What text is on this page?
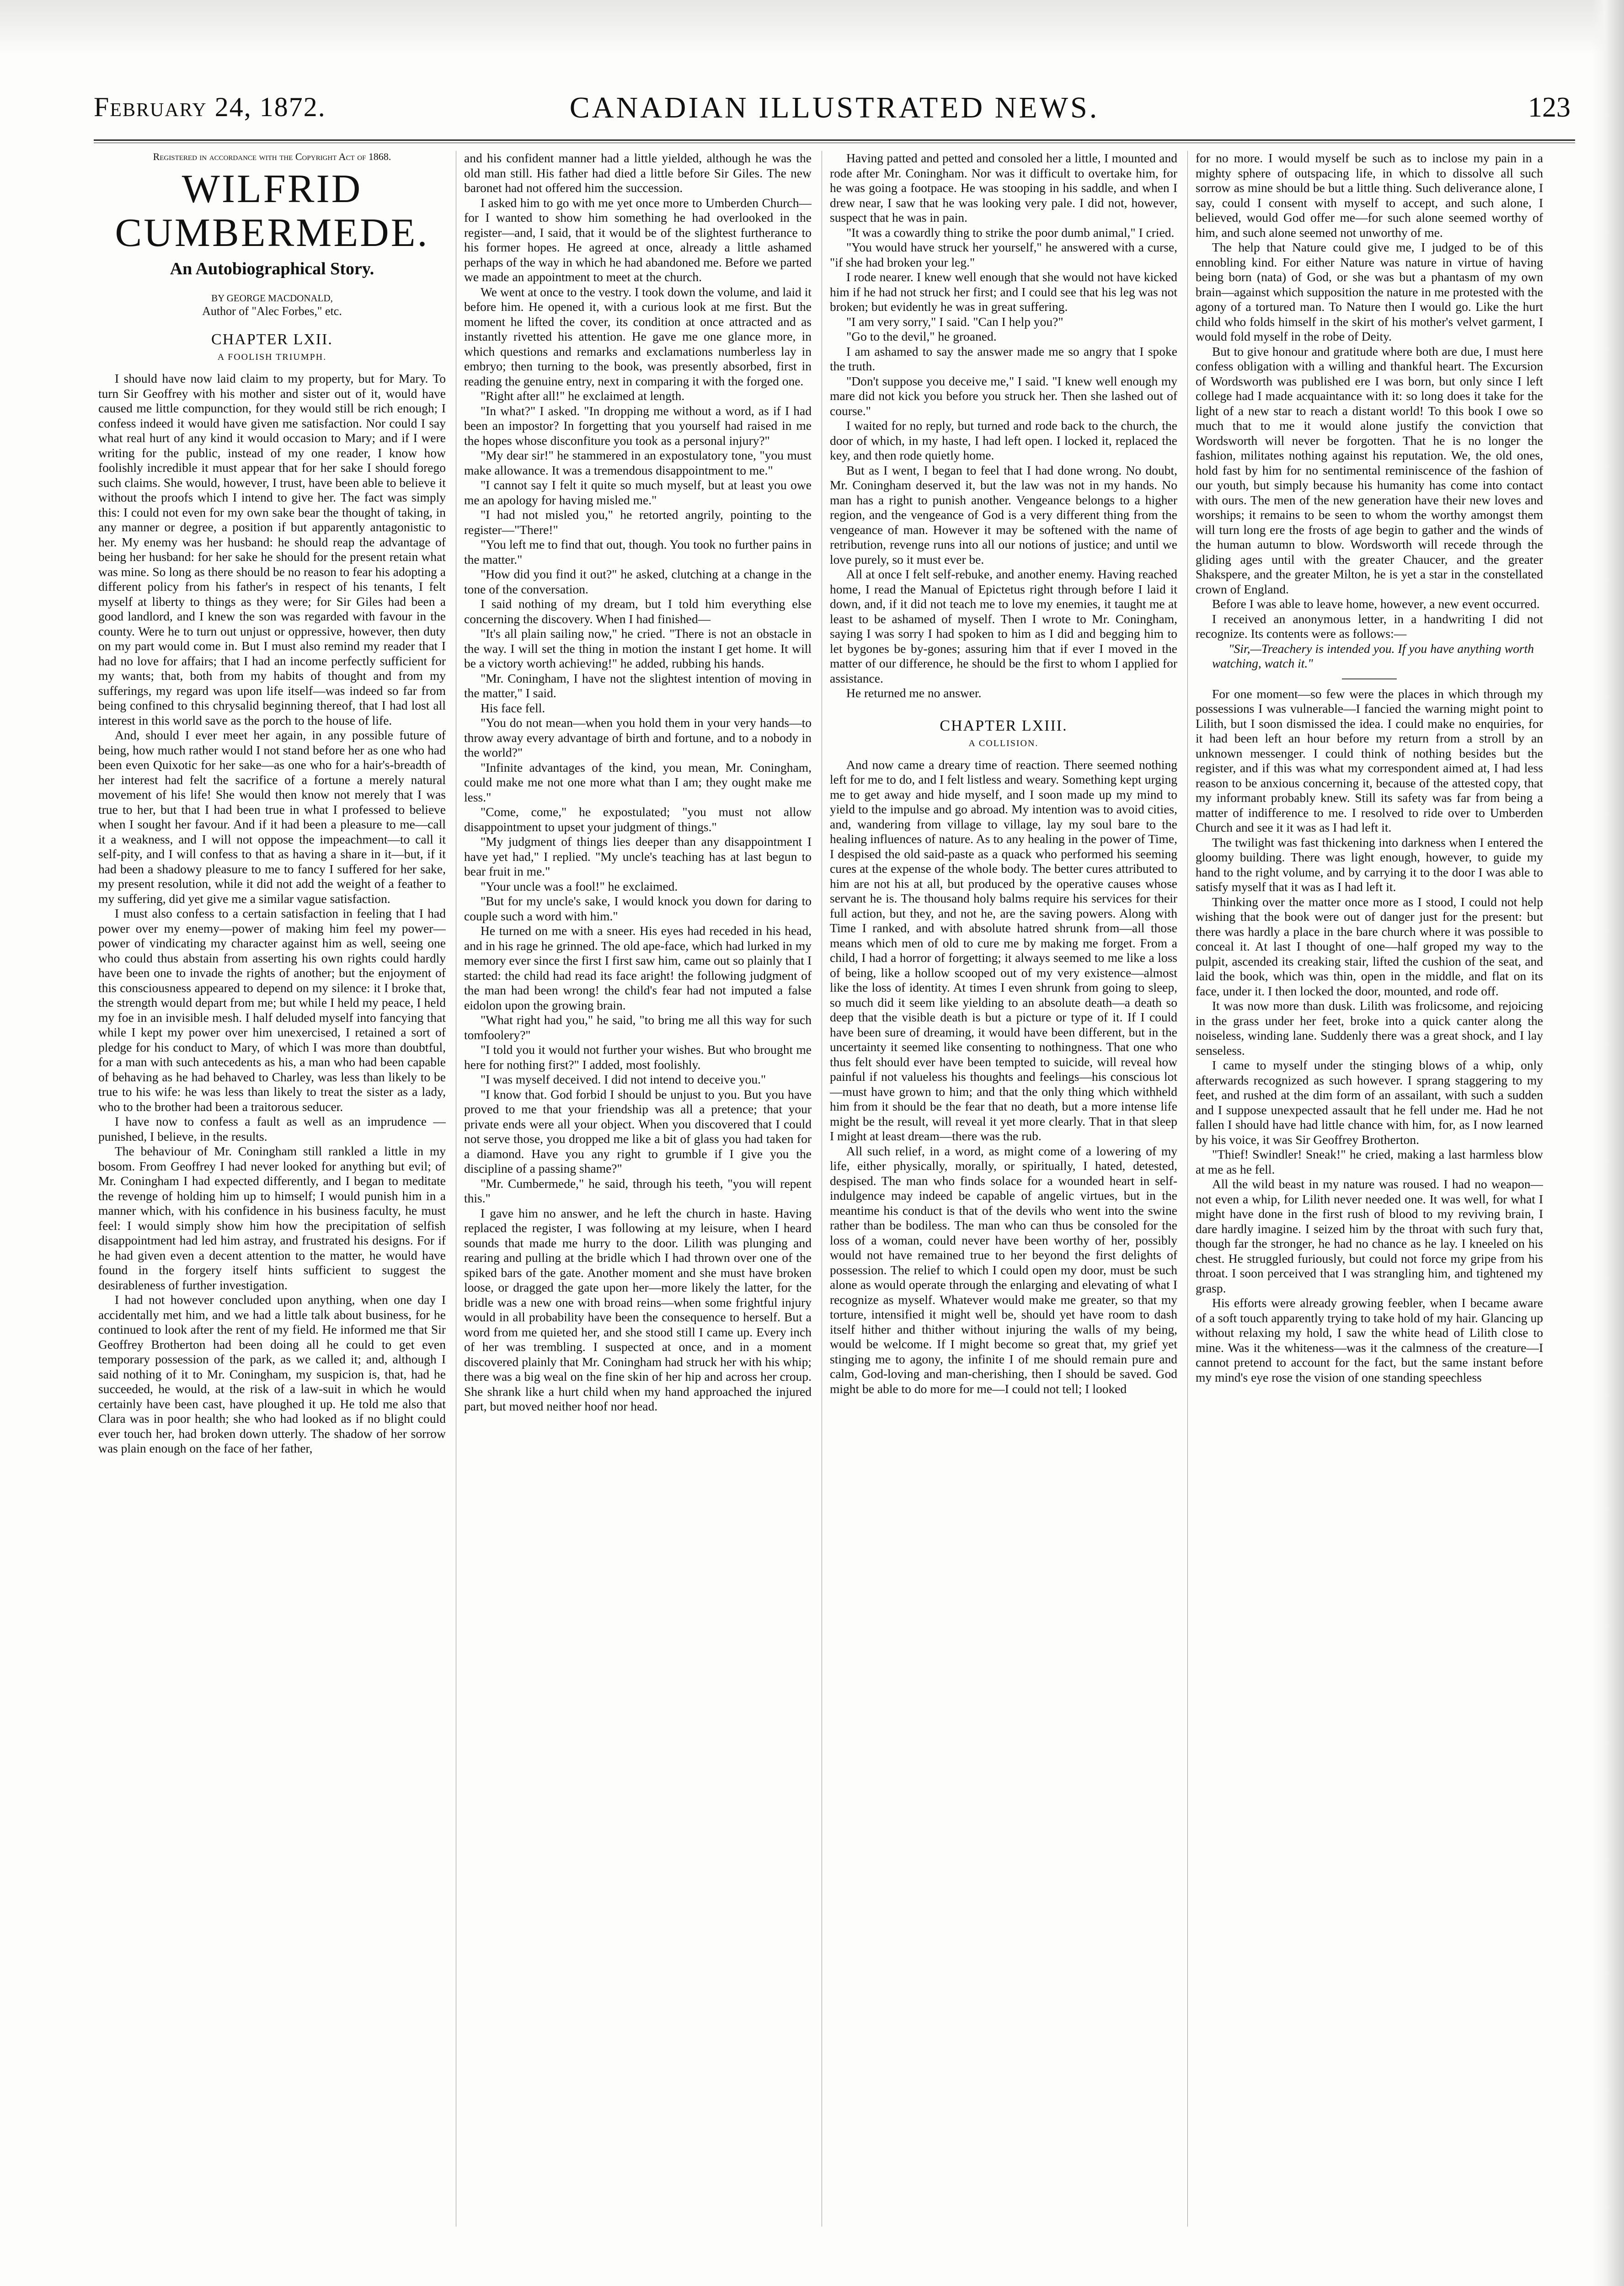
February 24, 1872.	CANADIAN ILLUSTRATED NEWS.	123
Registered in accordance with the Copyright Act of 1868.
WILFRID CUMBERMEDE.
An Autobiographical Story.
BY GEORGE MACDONALD,
Author of "Alec Forbes," etc.
CHAPTER LXII.
A FOOLISH TRIUMPH.

I should have now laid claim to my property, but for Mary. To turn Sir Geoffrey with his mother and sister out of it, would have caused me little compunction, for they would still be rich enough; I confess indeed it would have given me satisfaction. Nor could I say what real hurt of any kind it would occasion to Mary; and if I were writing for the public, instead of my one reader, I know how foolishly incredible it must appear that for her sake I should forego such claims. She would, however, I trust, have been able to believe it without the proofs which I intend to give her. The fact was simply this: I could not even for my own sake bear the thought of taking, in any manner or degree, a position if but apparently antagonistic to her. My enemy was her husband: he should reap the advantage of being her husband: for her sake he should for the present retain what was mine. So long as there should be no reason to fear his adopting a different policy from his father's in respect of his tenants, I felt myself at liberty to things as they were; for Sir Giles had been a good landlord, and I knew the son was regarded with favour in the county. Were he to turn out unjust or oppressive, however, then duty on my part would come in. But I must also remind my reader that I had no love for affairs; that I had an income perfectly sufficient for my wants; that, both from my habits of thought and from my sufferings, my regard was upon life itself—was indeed so far from being confined to this chrysalid beginning thereof, that I had lost all interest in this world save as the porch to the house of life.

And, should I ever meet her again, in any possible future of being, how much rather would I not stand before her as one who had been even Quixotic for her sake—as one who for a hair's-breadth of her interest had felt the sacrifice of a fortune a merely natural movement of his life! She would then know not merely that I was true to her, but that I had been true in what I professed to believe when I sought her favour. And if it had been a pleasure to me—call it a weakness, and I will not oppose the impeachment—to call it self-pity, and I will confess to that as having a share in it—but, if it had been a shadowy pleasure to me to fancy I suffered for her sake, my present resolution, while it did not add the weight of a feather to my suffering, did yet give me a similar vague satisfaction.

I must also confess to a certain satisfaction in feeling that I had power over my enemy—power of making him feel my power—power of vindicating my character against him as well, seeing one who could thus abstain from asserting his own rights could hardly have been one to invade the rights of another; but the enjoyment of this consciousness appeared to depend on my silence: it I broke that, the strength would depart from me; but while I held my peace, I held my foe in an invisible mesh. I half deluded myself into fancying that while I kept my power over him unexercised, I retained a sort of pledge for his conduct to Mary, of which I was more than doubtful, for a man with such antecedents as his, a man who had been capable of behaving as he had behaved to Charley, was less than likely to be true to his wife: he was less than likely to treat the sister as a lady, who to the brother had been a traitorous seducer.

I have now to confess a fault as well as an imprudence — punished, I believe, in the results.

The behaviour of Mr. Coningham still rankled a little in my bosom. From Geoffrey I had never looked for anything but evil; of Mr. Coningham I had expected differently, and I began to meditate the revenge of holding him up to himself; I would punish him in a manner which, with his confidence in his business faculty, he must feel: I would simply show him how the precipitation of selfish disappointment had led him astray, and frustrated his designs. For if he had given even a decent attention to the matter, he would have found in the forgery itself hints sufficient to suggest the desirableness of further investigation.

I had not however concluded upon anything, when one day I accidentally met him, and we had a little talk about business, for he continued to look after the rent of my field. He informed me that Sir Geoffrey Brotherton had been doing all he could to get even temporary possession of the park, as we called it; and, although I said nothing of it to Mr. Coningham, my suspicion is, that, had he succeeded, he would, at the risk of a law-suit in which he would certainly have been cast, have ploughed it up. He told me also that Clara was in poor health; she who had looked as if no blight could ever touch her, had broken down utterly. The shadow of her sorrow was plain enough on the face of her father,

and his confident manner had a little yielded, although he was the old man still. His father had died a little before Sir Giles. The new baronet had not offered him the succession.

I asked him to go with me yet once more to Umberden Church—for I wanted to show him something he had overlooked in the register—and, I said, that it would be of the slightest furtherance to his former hopes. He agreed at once, already a little ashamed perhaps of the way in which he had abandoned me. Before we parted we made an appointment to meet at the church.

We went at once to the vestry. I took down the volume, and laid it before him. He opened it, with a curious look at me first. But the moment he lifted the cover, its condition at once attracted and as instantly rivetted his attention. He gave me one glance more, in which questions and remarks and exclamations numberless lay in embryo; then turning to the book, was presently absorbed, first in reading the genuine entry, next in comparing it with the forged one.

"Right after all!" he exclaimed at length.

"In what?" I asked. "In dropping me without a word, as if I had been an impostor? In forgetting that you yourself had raised in me the hopes whose disconfiture you took as a personal injury?"

"My dear sir!" he stammered in an expostulatory tone, "you must make allowance. It was a tremendous disappointment to me."

"I cannot say I felt it quite so much myself, but at least you owe me an apology for having misled me."

"I had not misled you," he retorted angrily, pointing to the register—"There!"

"You left me to find that out, though. You took no further pains in the matter."

"How did you find it out?" he asked, clutching at a change in the tone of the conversation.

I said nothing of my dream, but I told him everything else concerning the discovery. When I had finished—

"It's all plain sailing now," he cried. "There is not an obstacle in the way. I will set the thing in motion the instant I get home. It will be a victory worth achieving!" he added, rubbing his hands.

"Mr. Coningham, I have not the slightest intention of moving in the matter," I said.

His face fell.

"You do not mean—when you hold them in your very hands—to throw away every advantage of birth and fortune, and to a nobody in the world?"

"Infinite advantages of the kind, you mean, Mr. Coningham, could make me not one more what than I am; they ought make me less."

"Come, come," he expostulated; "you must not allow disappointment to upset your judgment of things."

"My judgment of things lies deeper than any disappointment I have yet had," I replied. "My uncle's teaching has at last begun to bear fruit in me."

"Your uncle was a fool!" he exclaimed.

"But for my uncle's sake, I would knock you down for daring to couple such a word with him."

He turned on me with a sneer. His eyes had receded in his head, and in his rage he grinned. The old ape-face, which had lurked in my memory ever since the first I first saw him, came out so plainly that I started: the child had read its face aright! the following judgment of the man had been wrong! the child's fear had not imputed a false eidolon upon the growing brain.

"What right had you," he said, "to bring me all this way for such tomfoolery?"

"I told you it would not further your wishes. But who brought me here for nothing first?" I added, most foolishly.

"I was myself deceived. I did not intend to deceive you."

"I know that. God forbid I should be unjust to you. But you have proved to me that your friendship was all a pretence; that your private ends were all your object. When you discovered that I could not serve those, you dropped me like a bit of glass you had taken for a diamond. Have you any right to grumble if I give you the discipline of a passing shame?"

"Mr. Cumbermede," he said, through his teeth, "you will repent this."

I gave him no answer, and he left the church in haste. Having replaced the register, I was following at my leisure, when I heard sounds that made me hurry to the door. Lilith was plunging and rearing and pulling at the bridle which I had thrown over one of the spiked bars of the gate. Another moment and she must have broken loose, or dragged the gate upon her—more likely the latter, for the bridle was a new one with broad reins—when some frightful injury would in all probability have been the consequence to herself. But a word from me quieted her, and she stood still I came up. Every inch of her was trembling. I suspected at once, and in a moment discovered plainly that Mr. Coningham had struck her with his whip; there was a big weal on the fine skin of her hip and across her croup. She shrank like a hurt child when my hand approached the injured part, but moved neither hoof nor head.

Having patted and petted and consoled her a little, I mounted and rode after Mr. Coningham. Nor was it difficult to overtake him, for he was going a footpace. He was stooping in his saddle, and when I drew near, I saw that he was looking very pale. I did not, however, suspect that he was in pain.

"It was a cowardly thing to strike the poor dumb animal," I cried.

"You would have struck her yourself," he answered with a curse, "if she had broken your leg."

I rode nearer. I knew well enough that she would not have kicked him if he had not struck her first; and I could see that his leg was not broken; but evidently he was in great suffering.

"I am very sorry," I said. "Can I help you?"

"Go to the devil," he groaned.

I am ashamed to say the answer made me so angry that I spoke the truth.

"Don't suppose you deceive me," I said. "I knew well enough my mare did not kick you before you struck her. Then she lashed out of course."

I waited for no reply, but turned and rode back to the church, the door of which, in my haste, I had left open. I locked it, replaced the key, and then rode quietly home.

But as I went, I began to feel that I had done wrong. No doubt, Mr. Coningham deserved it, but the law was not in my hands. No man has a right to punish another. Vengeance belongs to a higher region, and the vengeance of God is a very different thing from the vengeance of man. However it may be softened with the name of retribution, revenge runs into all our notions of justice; and until we love purely, so it must ever be.

All at once I felt self-rebuke, and another enemy. Having reached home, I read the Manual of Epictetus right through before I laid it down, and, if it did not teach me to love my enemies, it taught me at least to be ashamed of myself. Then I wrote to Mr. Coningham, saying I was sorry I had spoken to him as I did and begging him to let bygones be by-gones; assuring him that if ever I moved in the matter of our difference, he should be the first to whom I applied for assistance.

He returned me no answer.

CHAPTER LXIII.
A COLLISION.

And now came a dreary time of reaction. There seemed nothing left for me to do, and I felt listless and weary. Something kept urging me to get away and hide myself, and I soon made up my mind to yield to the impulse and go abroad. My intention was to avoid cities, and, wandering from village to village, lay my soul bare to the healing influences of nature. As to any healing in the power of Time, I despised the old said-paste as a quack who performed his seeming cures at the expense of the whole body. The better cures attributed to him are not his at all, but produced by the operative causes whose servant he is. The thousand holy balms require his services for their full action, but they, and not he, are the saving powers. Along with Time I ranked, and with absolute hatred shrunk from—all those means which men of old to cure me by making me forget. From a child, I had a horror of forgetting; it always seemed to me like a loss of being, like a hollow scooped out of my very existence—almost like the loss of identity. At times I even shrunk from going to sleep, so much did it seem like yielding to an absolute death—a death so deep that the visible death is but a picture or type of it. If I could have been sure of dreaming, it would have been different, but in the uncertainty it seemed like consenting to nothingness. That one who thus felt should ever have been tempted to suicide, will reveal how painful if not valueless his thoughts and feelings—his conscious lot—must have grown to him; and that the only thing which withheld him from it should be the fear that no death, but a more intense life might be the result, will reveal it yet more clearly. That in that sleep I might at least dream—there was the rub.

All such relief, in a word, as might come of a lowering of my life, either physically, morally, or spiritually, I hated, detested, despised. The man who finds solace for a wounded heart in self-indulgence may indeed be capable of angelic virtues, but in the meantime his conduct is that of the devils who went into the swine rather than be bodiless. The man who can thus be consoled for the loss of a woman, could never have been worthy of her, possibly would not have remained true to her beyond the first delights of possession. The relief to which I could open my door, must be such alone as would operate through the enlarging and elevating of what I recognize as myself. Whatever would make me greater, so that my torture, intensified it might well be, should yet have room to dash itself hither and thither without injuring the walls of my being, would be welcome. If I might become so great that, my grief yet stinging me to agony, the infinite I of me should remain pure and calm, God-loving and man-cherishing, then I should be saved. God might be able to do more for me—I could not tell; I looked

for no more. I would myself be such as to inclose my pain in a mighty sphere of outspacing life, in which to dissolve all such sorrow as mine should be but a little thing. Such deliverance alone, I say, could I consent with myself to accept, and such alone, I believed, would God offer me—for such alone seemed worthy of him, and such alone seemed not unworthy of me.

The help that Nature could give me, I judged to be of this ennobling kind. For either Nature was nature in virtue of having being born (nata) of God, or she was but a phantasm of my own brain—against which supposition the nature in me protested with the agony of a tortured man. To Nature then I would go. Like the hurt child who folds himself in the skirt of his mother's velvet garment, I would fold myself in the robe of Deity.

But to give honour and gratitude where both are due, I must here confess obligation with a willing and thankful heart. The Excursion of Wordsworth was published ere I was born, but only since I left college had I made acquaintance with it: so long does it take for the light of a new star to reach a distant world! To this book I owe so much that to me it would alone justify the conviction that Wordsworth will never be forgotten. That he is no longer the fashion, militates nothing against his reputation. We, the old ones, hold fast by him for no sentimental reminiscence of the fashion of our youth, but simply because his humanity has come into contact with ours. The men of the new generation have their new loves and worships; it remains to be seen to whom the worthy amongst them will turn long ere the frosts of age begin to gather and the winds of the human autumn to blow. Wordsworth will recede through the gliding ages until with the greater Chaucer, and the greater Shakspere, and the greater Milton, he is yet a star in the constellated crown of England.

Before I was able to leave home, however, a new event occurred.

I received an anonymous letter, in a handwriting I did not recognize. Its contents were as follows:—

"Sir,—Treachery is intended you. If you have anything worth watching, watch it."

For one moment—so few were the places in which through my possessions I was vulnerable—I fancied the warning might point to Lilith, but I soon dismissed the idea. I could make no enquiries, for it had been left an hour before my return from a stroll by an unknown messenger. I could think of nothing besides but the register, and if this was what my correspondent aimed at, I had less reason to be anxious concerning it, because of the attested copy, that my informant probably knew. Still its safety was far from being a matter of indifference to me. I resolved to ride over to Umberden Church and see it it was as I had left it.

The twilight was fast thickening into darkness when I entered the gloomy building. There was light enough, however, to guide my hand to the right volume, and by carrying it to the door I was able to satisfy myself that it was as I had left it.

Thinking over the matter once more as I stood, I could not help wishing that the book were out of danger just for the present: but there was hardly a place in the bare church where it was possible to conceal it. At last I thought of one—half groped my way to the pulpit, ascended its creaking stair, lifted the cushion of the seat, and laid the book, which was thin, open in the middle, and flat on its face, under it. I then locked the door, mounted, and rode off.

It was now more than dusk. Lilith was frolicsome, and rejoicing in the grass under her feet, broke into a quick canter along the noiseless, winding lane. Suddenly there was a great shock, and I lay senseless.

I came to myself under the stinging blows of a whip, only afterwards recognized as such however. I sprang staggering to my feet, and rushed at the dim form of an assailant, with such a sudden and I suppose unexpected assault that he fell under me. Had he not fallen I should have had little chance with him, for, as I now learned by his voice, it was Sir Geoffrey Brotherton.

"Thief! Swindler! Sneak!" he cried, making a last harmless blow at me as he fell.

All the wild beast in my nature was roused. I had no weapon—not even a whip, for Lilith never needed one. It was well, for what I might have done in the first rush of blood to my reviving brain, I dare hardly imagine. I seized him by the throat with such fury that, though far the stronger, he had no chance as he lay. I kneeled on his chest. He struggled furiously, but could not force my gripe from his throat. I soon perceived that I was strangling him, and tightened my grasp.

His efforts were already growing feebler, when I became aware of a soft touch apparently trying to take hold of my hair. Glancing up without relaxing my hold, I saw the white head of Lilith close to mine. Was it the whiteness—was it the calmness of the creature—I cannot pretend to account for the fact, but the same instant before my mind's eye rose the vision of one standing speechless
